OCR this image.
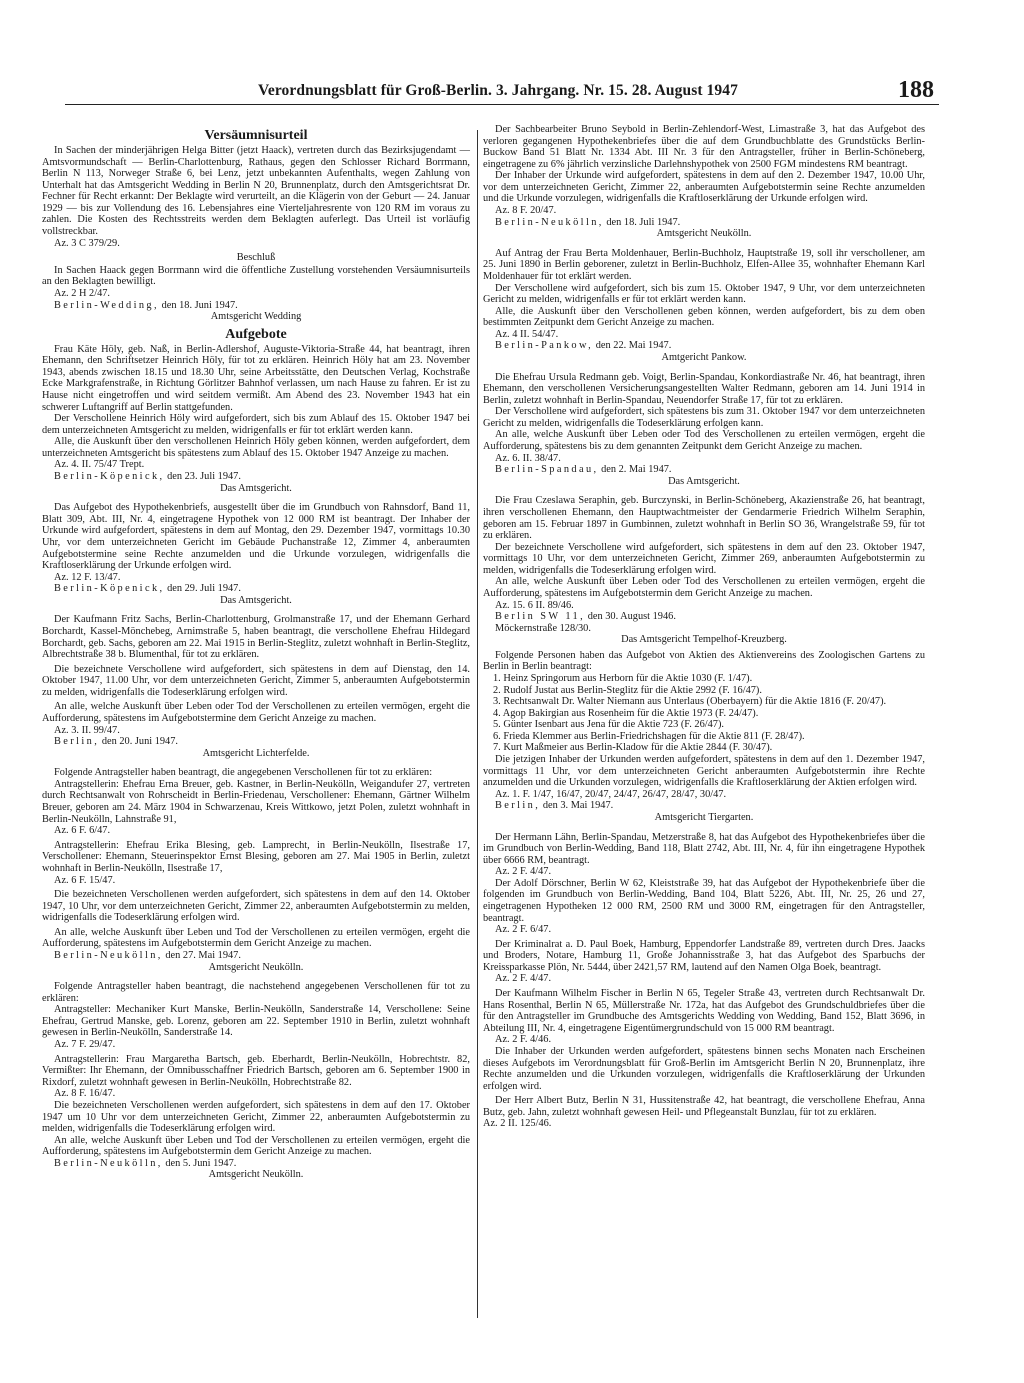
Verordnungsblatt für Groß-Berlin. 3. Jahrgang. Nr. 15. 28. August 1947	188

Versäumnisurteil

In Sachen der minderjährigen Helga Bitter (jetzt Haack), vertreten durch das Bezirksjugendamt — Amtsvormundschaft — Berlin-Charlottenburg, Rathaus, gegen den Schlosser Richard Borrmann, Berlin N 113, Norweger Straße 6, bei Lenz, jetzt unbekannten Aufenthalts, wegen Zahlung von Unterhalt hat das Amtsgericht Wedding in Berlin N 20, Brunnenplatz, durch den Amtsgerichtsrat Dr. Fechner für Recht erkannt: Der Beklagte wird verurteilt, an die Klägerin von der Geburt — 24. Januar 1929 — bis zur Vollendung des 16. Lebensjahres eine Vierteljahresrente von 120 RM im voraus zu zahlen. Die Kosten des Rechtsstreits werden dem Beklagten auferlegt. Das Urteil ist vorläufig vollstreckbar.

Az. 3 C 379/29.

Beschluß

In Sachen Haack gegen Borrmann wird die öffentliche Zustellung vorstehenden Versäumnisurteils an den Beklagten bewilligt.

Az. 2 H 2/47.

Berlin-Wedding, den 18. Juni 1947.

Amtsgericht Wedding

Aufgebote

Frau Käte Höly, geb. Naß, in Berlin-Adlershof, Auguste-Viktoria-Straße 44, hat beantragt, ihren Ehemann, den Schriftsetzer Heinrich Höly, für tot zu erklären. Heinrich Höly hat am 23. November 1943, abends zwischen 18.15 und 18.30 Uhr, seine Arbeitsstätte, den Deutschen Verlag, Kochstraße Ecke Markgrafenstraße, in Richtung Görlitzer Bahnhof verlassen, um nach Hause zu fahren. Er ist zu Hause nicht eingetroffen und wird seitdem vermißt. Am Abend des 23. November 1943 hat ein schwerer Luftangriff auf Berlin stattgefunden.

Der Verschollene Heinrich Höly wird aufgefordert, sich bis zum Ablauf des 15. Oktober 1947 bei dem unterzeichneten Amtsgericht zu melden, widrigenfalls er für tot erklärt werden kann.

Alle, die Auskunft über den verschollenen Heinrich Höly geben können, werden aufgefordert, dem unterzeichneten Amtsgericht bis spätestens zum Ablauf des 15. Oktober 1947 Anzeige zu machen.

Az. 4. II. 75/47 Trept.

Berlin-Köpenick, den 23. Juli 1947.

Das Amtsgericht.

Das Aufgebot des Hypothekenbriefs, ausgestellt über die im Grundbuch von Rahnsdorf, Band 11, Blatt 309, Abt. III, Nr. 4, eingetragene Hypothek von 12 000 RM ist beantragt. Der Inhaber der Urkunde wird aufgefordert, spätestens in dem auf Montag, den 29. Dezember 1947, vormittags 10.30 Uhr, vor dem unterzeichneten Gericht im Gebäude Puchanstraße 12, Zimmer 4, anberaumten Aufgebotstermine seine Rechte anzumelden und die Urkunde vorzulegen, widrigenfalls die Kraftloserklärung der Urkunde erfolgen wird.

Az. 12 F. 13/47.

Berlin-Köpenick, den 29. Juli 1947.

Das Amtsgericht.

Der Kaufmann Fritz Sachs, Berlin-Charlottenburg, Grolmanstraße 17, und der Ehemann Gerhard Borchardt, Kassel-Mönchebeg, Arnimstraße 5, haben beantragt, die verschollene Ehefrau Hildegard Borchardt, geb. Sachs, geboren am 22. Mai 1915 in Berlin-Steglitz, zuletzt wohnhaft in Berlin-Steglitz, Albrechtstraße 38 b. Blumenthal, für tot zu erklären.

Die bezeichnete Verschollene wird aufgefordert, sich spätestens in dem auf Dienstag, den 14. Oktober 1947, 11.00 Uhr, vor dem unterzeichneten Gericht, Zimmer 5, anberaumten Aufgebotstermin zu melden, widrigenfalls die Todeserklärung erfolgen wird.

An alle, welche Auskunft über Leben oder Tod der Verschollenen zu erteilen vermögen, ergeht die Aufforderung, spätestens im Aufgebotstermine dem Gericht Anzeige zu machen.

Az. 3. II. 99/47.

Berlin, den 20. Juni 1947.

Amtsgericht Lichterfelde.

Folgende Antragsteller haben beantragt, die angegebenen Verschollenen für tot zu erklären:

Antragstellerin: Ehefrau Erna Breuer, geb. Kastner, in Berlin-Neukölln, Weigandufer 27, vertreten durch Rechtsanwalt von Rohrscheidt in Berlin-Friedenau, Verschollener: Ehemann, Gärtner Wilhelm Breuer, geboren am 24. März 1904 in Schwarzenau, Kreis Wittkowo, jetzt Polen, zuletzt wohnhaft in Berlin-Neukölln, Lahnstraße 91,

Az. 6 F. 6/47.

Antragstellerin: Ehefrau Erika Blesing, geb. Lamprecht, in Berlin-Neukölln, Ilsestraße 17, Verschollener: Ehemann, Steuerinspektor Ernst Blesing, geboren am 27. Mai 1905 in Berlin, zuletzt wohnhaft in Berlin-Neukölln, Ilsestraße 17,

Az. 6 F. 15/47.

Die bezeichneten Verschollenen werden aufgefordert, sich spätestens in dem auf den 14. Oktober 1947, 10 Uhr, vor dem unterzeichneten Gericht, Zimmer 22, anberaumten Aufgebotstermin zu melden, widrigenfalls die Todeserklärung erfolgen wird.

An alle, welche Auskunft über Leben und Tod der Verschollenen zu erteilen vermögen, ergeht die Aufforderung, spätestens im Aufgebotstermin dem Gericht Anzeige zu machen.

Berlin-Neukölln, den 27. Mai 1947.

Amtsgericht Neukölln.

Folgende Antragsteller haben beantragt, die nachstehend angegebenen Verschollenen für tot zu erklären:

Antragsteller: Mechaniker Kurt Manske, Berlin-Neukölln, Sanderstraße 14, Verschollene: Seine Ehefrau, Gertrud Manske, geb. Lorenz, geboren am 22. September 1910 in Berlin, zuletzt wohnhaft gewesen in Berlin-Neukölln, Sanderstraße 14.

Az. 7 F. 29/47.

Antragstellerin: Frau Margaretha Bartsch, geb. Eberhardt, Berlin-Neukölln, Hobrechtstr. 82, Vermißter: Ihr Ehemann, der Omnibusschaffner Friedrich Bartsch, geboren am 6. September 1900 in Rixdorf, zuletzt wohnhaft gewesen in Berlin-Neukölln, Hobrechtstraße 82.

Az. 8 F. 16/47.

Die bezeichneten Verschollenen werden aufgefordert, sich spätestens in dem auf den 17. Oktober 1947 um 10 Uhr vor dem unterzeichneten Gericht, Zimmer 22, anberaumten Aufgebotstermin zu melden, widrigenfalls die Todeserklärung erfolgen wird.

An alle, welche Auskunft über Leben und Tod der Verschollenen zu erteilen vermögen, ergeht die Aufforderung, spätestens im Aufgebotstermin dem Gericht Anzeige zu machen.

Berlin-Neukölln, den 5. Juni 1947.

Amtsgericht Neukölln.

Der Sachbearbeiter Bruno Seybold in Berlin-Zehlendorf-West, Limastraße 3, hat das Aufgebot des verloren gegangenen Hypothekenbriefes über die auf dem Grundbuchblatte des Grundstücks Berlin-Buckow Band 51 Blatt Nr. 1334 Abt. III Nr. 3 für den Antragsteller, früher in Berlin-Schöneberg, eingetragene zu 6% jährlich verzinsliche Darlehnshypothek von 2500 FGM mindestens RM beantragt.

Der Inhaber der Urkunde wird aufgefordert, spätestens in dem auf den 2. Dezember 1947, 10.00 Uhr, vor dem unterzeichneten Gericht, Zimmer 22, anberaumten Aufgebotstermin seine Rechte anzumelden und die Urkunde vorzulegen, widrigenfalls die Kraftloserklärung der Urkunde erfolgen wird.

Az. 8 F. 20/47.

Berlin-Neukölln, den 18. Juli 1947.

Amtsgericht Neukölln.

Auf Antrag der Frau Berta Moldenhauer, Berlin-Buchholz, Hauptstraße 19, soll ihr verschollener, am 25. Juni 1890 in Berlin geborener, zuletzt in Berlin-Buchholz, Elfen-Allee 35, wohnhafter Ehemann Karl Moldenhauer für tot erklärt werden.

Der Verschollene wird aufgefordert, sich bis zum 15. Oktober 1947, 9 Uhr, vor dem unterzeichneten Gericht zu melden, widrigenfalls er für tot erklärt werden kann.

Alle, die Auskunft über den Verschollenen geben können, werden aufgefordert, bis zu dem oben bestimmten Zeitpunkt dem Gericht Anzeige zu machen.

Az. 4 II. 54/47.

Berlin-Pankow, den 22. Mai 1947.

Amtgericht Pankow.

Die Ehefrau Ursula Redmann geb. Voigt, Berlin-Spandau, Konkordiastraße Nr. 46, hat beantragt, ihren Ehemann, den verschollenen Versicherungsangestellten Walter Redmann, geboren am 14. Juni 1914 in Berlin, zuletzt wohnhaft in Berlin-Spandau, Neuendorfer Straße 17, für tot zu erklären.

Der Verschollene wird aufgefordert, sich spätestens bis zum 31. Oktober 1947 vor dem unterzeichneten Gericht zu melden, widrigenfalls die Todeserklärung erfolgen kann.

An alle, welche Auskunft über Leben oder Tod des Verschollenen zu erteilen vermögen, ergeht die Aufforderung, spätestens bis zu dem genannten Zeitpunkt dem Gericht Anzeige zu machen.

Az. 6. II. 38/47.

Berlin-Spandau, den 2. Mai 1947.

Das Amtsgericht.

Die Frau Czeslawa Seraphin, geb. Burczynski, in Berlin-Schöneberg, Akazienstraße 26, hat beantragt, ihren verschollenen Ehemann, den Hauptwachtmeister der Gendarmerie Friedrich Wilhelm Seraphin, geboren am 15. Februar 1897 in Gumbinnen, zuletzt wohnhaft in Berlin SO 36, Wrangelstraße 59, für tot zu erklären.

Der bezeichnete Verschollene wird aufgefordert, sich spätestens in dem auf den 23. Oktober 1947, vormittags 10 Uhr, vor dem unterzeichneten Gericht, Zimmer 269, anberaumten Aufgebotstermin zu melden, widrigenfalls die Todeserklärung erfolgen wird.

An alle, welche Auskunft über Leben oder Tod des Verschollenen zu erteilen vermögen, ergeht die Aufforderung, spätestens im Aufgebotstermin dem Gericht Anzeige zu machen.

Az. 15. 6 II. 89/46.

Berlin SW 11, den 30. August 1946.

Möckernstraße 128/30.

Das Amtsgericht Tempelhof-Kreuzberg.

Folgende Personen haben das Aufgebot von Aktien des Aktienvereins des Zoologischen Gartens zu Berlin in Berlin beantragt:

1. Heinz Springorum aus Herborn für die Aktie 1030 (F. 1/47).

2. Rudolf Justat aus Berlin-Steglitz für die Aktie 2992 (F. 16/47).

3. Rechtsanwalt Dr. Walter Niemann aus Unterlaus (Oberbayern) für die Aktie 1816 (F. 20/47).

4. Agop Bakirgian aus Rosenheim für die Aktie 1973 (F. 24/47).

5. Günter Isenbart aus Jena für die Aktie 723 (F. 26/47).

6. Frieda Klemmer aus Berlin-Friedrichshagen für die Aktie 811 (F. 28/47).

7. Kurt Maßmeier aus Berlin-Kladow für die Aktie 2844 (F. 30/47).

Die jetzigen Inhaber der Urkunden werden aufgefordert, spätestens in dem auf den 1. Dezember 1947, vormittags 11 Uhr, vor dem unterzeichneten Gericht anberaumten Aufgebotstermin ihre Rechte anzumelden und die Urkunden vorzulegen, widrigenfalls die Kraftloserklärung der Aktien erfolgen wird.

Az. 1. F. 1/47, 16/47, 20/47, 24/47, 26/47, 28/47, 30/47.

Berlin, den 3. Mai 1947.

Amtsgericht Tiergarten.

Der Hermann Lähn, Berlin-Spandau, Metzerstraße 8, hat das Aufgebot des Hypothekenbriefes über die im Grundbuch von Berlin-Wedding, Band 118, Blatt 2742, Abt. III, Nr. 4, für ihn eingetragene Hypothek über 6666 RM, beantragt.

Az. 2 F. 4/47.

Der Adolf Dörschner, Berlin W 62, Kleiststraße 39, hat das Aufgebot der Hypothekenbriefe über die folgenden im Grundbuch von Berlin-Wedding, Band 104, Blatt 5226, Abt. III, Nr. 25, 26 und 27, eingetragenen Hypotheken 12 000 RM, 2500 RM und 3000 RM, eingetragen für den Antragsteller, beantragt.

Az. 2 F. 6/47.

Der Kriminalrat a. D. Paul Boek, Hamburg, Eppendorfer Landstraße 89, vertreten durch Dres. Jaacks und Broders, Notare, Hamburg 11, Große Johannisstraße 3, hat das Aufgebot des Sparbuchs der Kreissparkasse Plön, Nr. 5444, über 2421,57 RM, lautend auf den Namen Olga Boek, beantragt.

Az. 2 F. 4/47.

Der Kaufmann Wilhelm Fischer in Berlin N 65, Tegeler Straße 43, vertreten durch Rechtsanwalt Dr. Hans Rosenthal, Berlin N 65, Müllerstraße Nr. 172a, hat das Aufgebot des Grundschuldbriefes über die für den Antragsteller im Grundbuche des Amtsgerichts Wedding von Wedding, Band 152, Blatt 3696, in Abteilung III, Nr. 4, eingetragene Eigentümergrundschuld von 15 000 RM beantragt.

Az. 2 F. 4/46.

Die Inhaber der Urkunden werden aufgefordert, spätestens binnen sechs Monaten nach Erscheinen dieses Aufgebots im Verordnungsblatt für Groß-Berlin im Amtsgericht Berlin N 20, Brunnenplatz, ihre Rechte anzumelden und die Urkunden vorzulegen, widrigenfalls die Kraftloserklärung der Urkunden erfolgen wird.

Der Herr Albert Butz, Berlin N 31, Hussitenstraße 42, hat beantragt, die verschollene Ehefrau, Anna Butz, geb. Jahn, zuletzt wohnhaft gewesen Heil- und Pflegeanstalt Bunzlau, für tot zu erklären.

Az. 2 II. 125/46.
